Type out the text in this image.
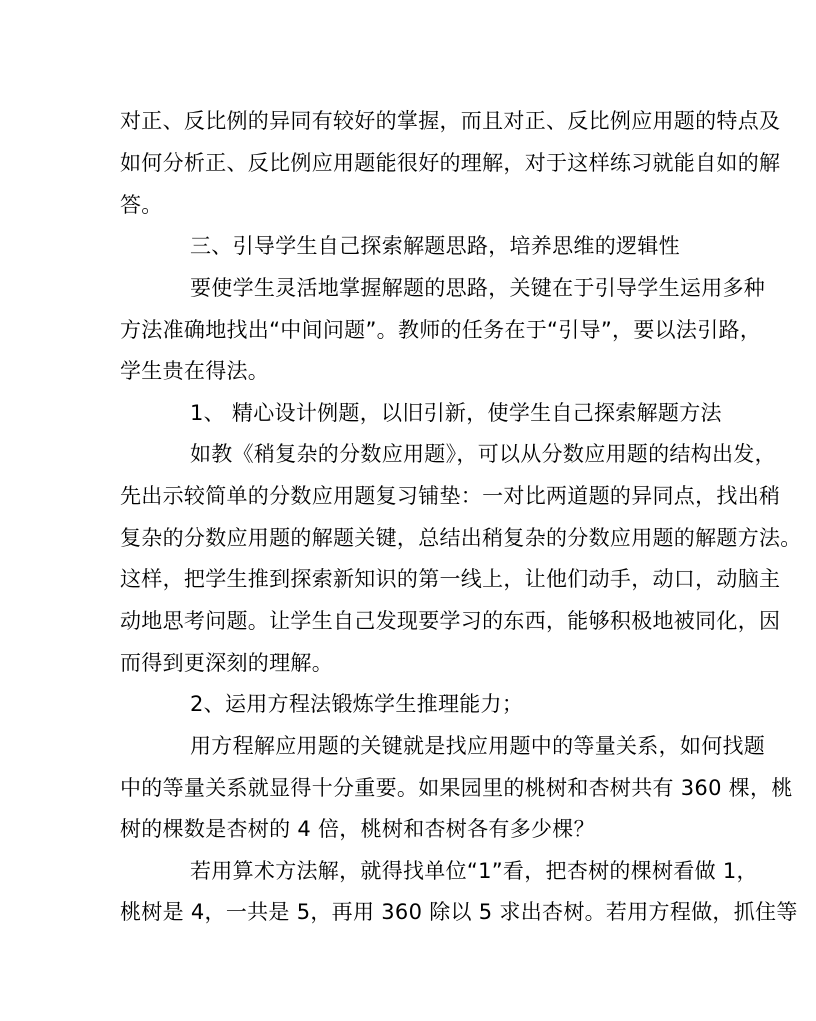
对正、反比例的异同有较好的掌握，而且对正、反比例应用题的特点及
如何分析正、反比例应用题能很好的理解，对于这样练习就能自如的解
答。
三、引导学生自己探索解题思路，培养思维的逻辑性
要使学生灵活地掌握解题的思路，关键在于引导学生运用多种
方法准确地找出“中间问题”。教师的任务在于“引导”，要以法引路，
学生贵在得法。
1、 精心设计例题，以旧引新，使学生自己探索解题方法
如教《稍复杂的分数应用题》，可以从分数应用题的结构出发，
先出示较简单的分数应用题复习铺垫：一对比两道题的异同点，找出稍
复杂的分数应用题的解题关键，总结出稍复杂的分数应用题的解题方法。
这样，把学生推到探索新知识的第一线上，让他们动手，动口，动脑主
动地思考问题。让学生自己发现要学习的东西，能够积极地被同化，因
而得到更深刻的理解。
2、运用方程法锻炼学生推理能力；
用方程解应用题的关键就是找应用题中的等量关系，如何找题
中的等量关系就显得十分重要。如果园里的桃树和杏树共有 360 棵，桃
树的棵数是杏树的 4 倍，桃树和杏树各有多少棵？
若用算术方法解，就得找单位“1”看，把杏树的棵树看做 1，
桃树是 4，一共是 5，再用 360 除以 5 求出杏树。若用方程做，抓住等
